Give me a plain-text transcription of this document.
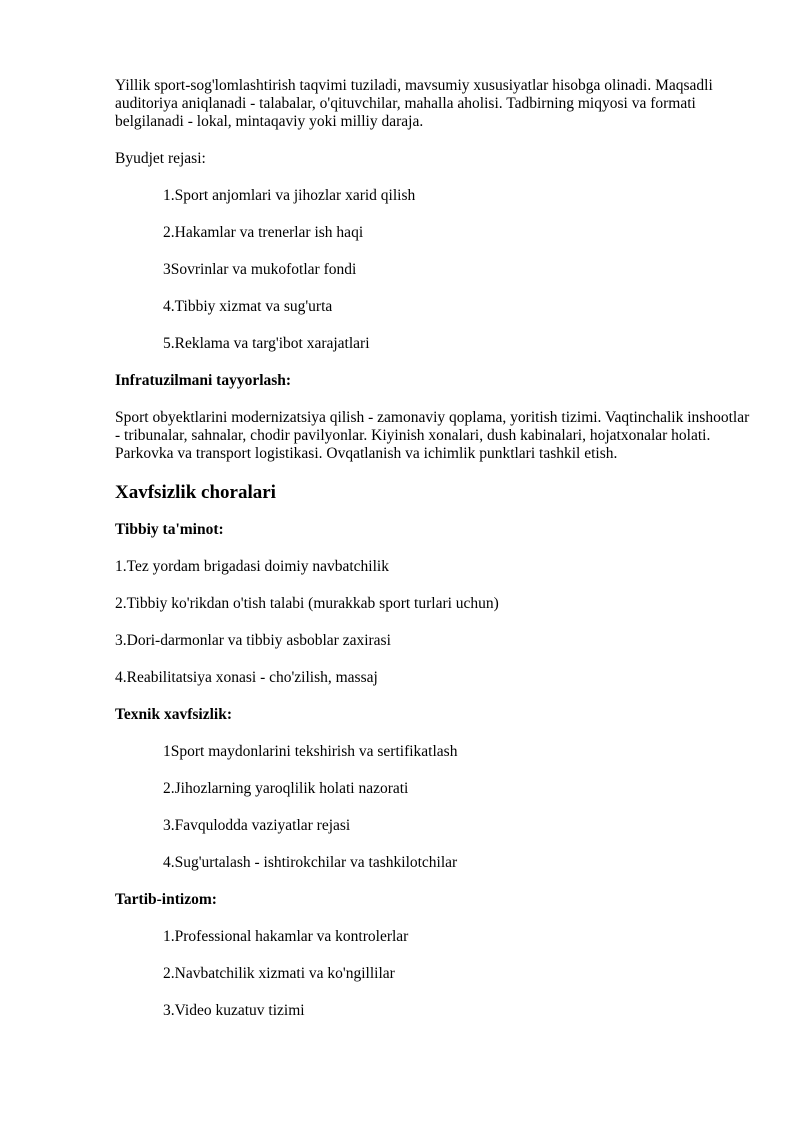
Yillik sport-sog'lomlashtirish taqvimi tuziladi, mavsumiy xususiyatlar hisobga olinadi. Maqsadli auditoriya aniqlanadi - talabalar, o'qituvchilar, mahalla aholisi. Tadbirning miqyosi va formati belgilanadi - lokal, mintaqaviy yoki milliy daraja.

Byudjet rejasi:

1.Sport anjomlari va jihozlar xarid qilish
2.Hakamlar va trenerlar ish haqi
3Sovrinlar va mukofotlar fondi
4.Tibbiy xizmat va sug'urta
5.Reklama va targ'ibot xarajatlari

Infratuzilmani tayyorlash:

Sport obyektlarini modernizatsiya qilish - zamonaviy qoplama, yoritish tizimi. Vaqtinchalik inshootlar - tribunalar, sahnalar, chodir pavilyonlar. Kiyinish xonalari, dush kabinalari, hojatxonalar holati. Parkovka va transport logistikasi. Ovqatlanish va ichimlik punktlari tashkil etish.

Xavfsizlik choralari

Tibbiy ta'minot:

1.Tez yordam brigadasi doimiy navbatchilik
2.Tibbiy ko'rikdan o'tish talabi (murakkab sport turlari uchun)
3.Dori-darmonlar va tibbiy asboblar zaxirasi
4.Reabilitatsiya xonasi - cho'zilish, massaj

Texnik xavfsizlik:

1Sport maydonlarini tekshirish va sertifikatlash
2.Jihozlarning yaroqlilik holati nazorati
3.Favqulodda vaziyatlar rejasi
4.Sug'urtalash - ishtirokchilar va tashkilotchilar

Tartib-intizom:

1.Professional hakamlar va kontrolerlar
2.Navbatchilik xizmati va ko'ngillilar
3.Video kuzatuv tizimi
